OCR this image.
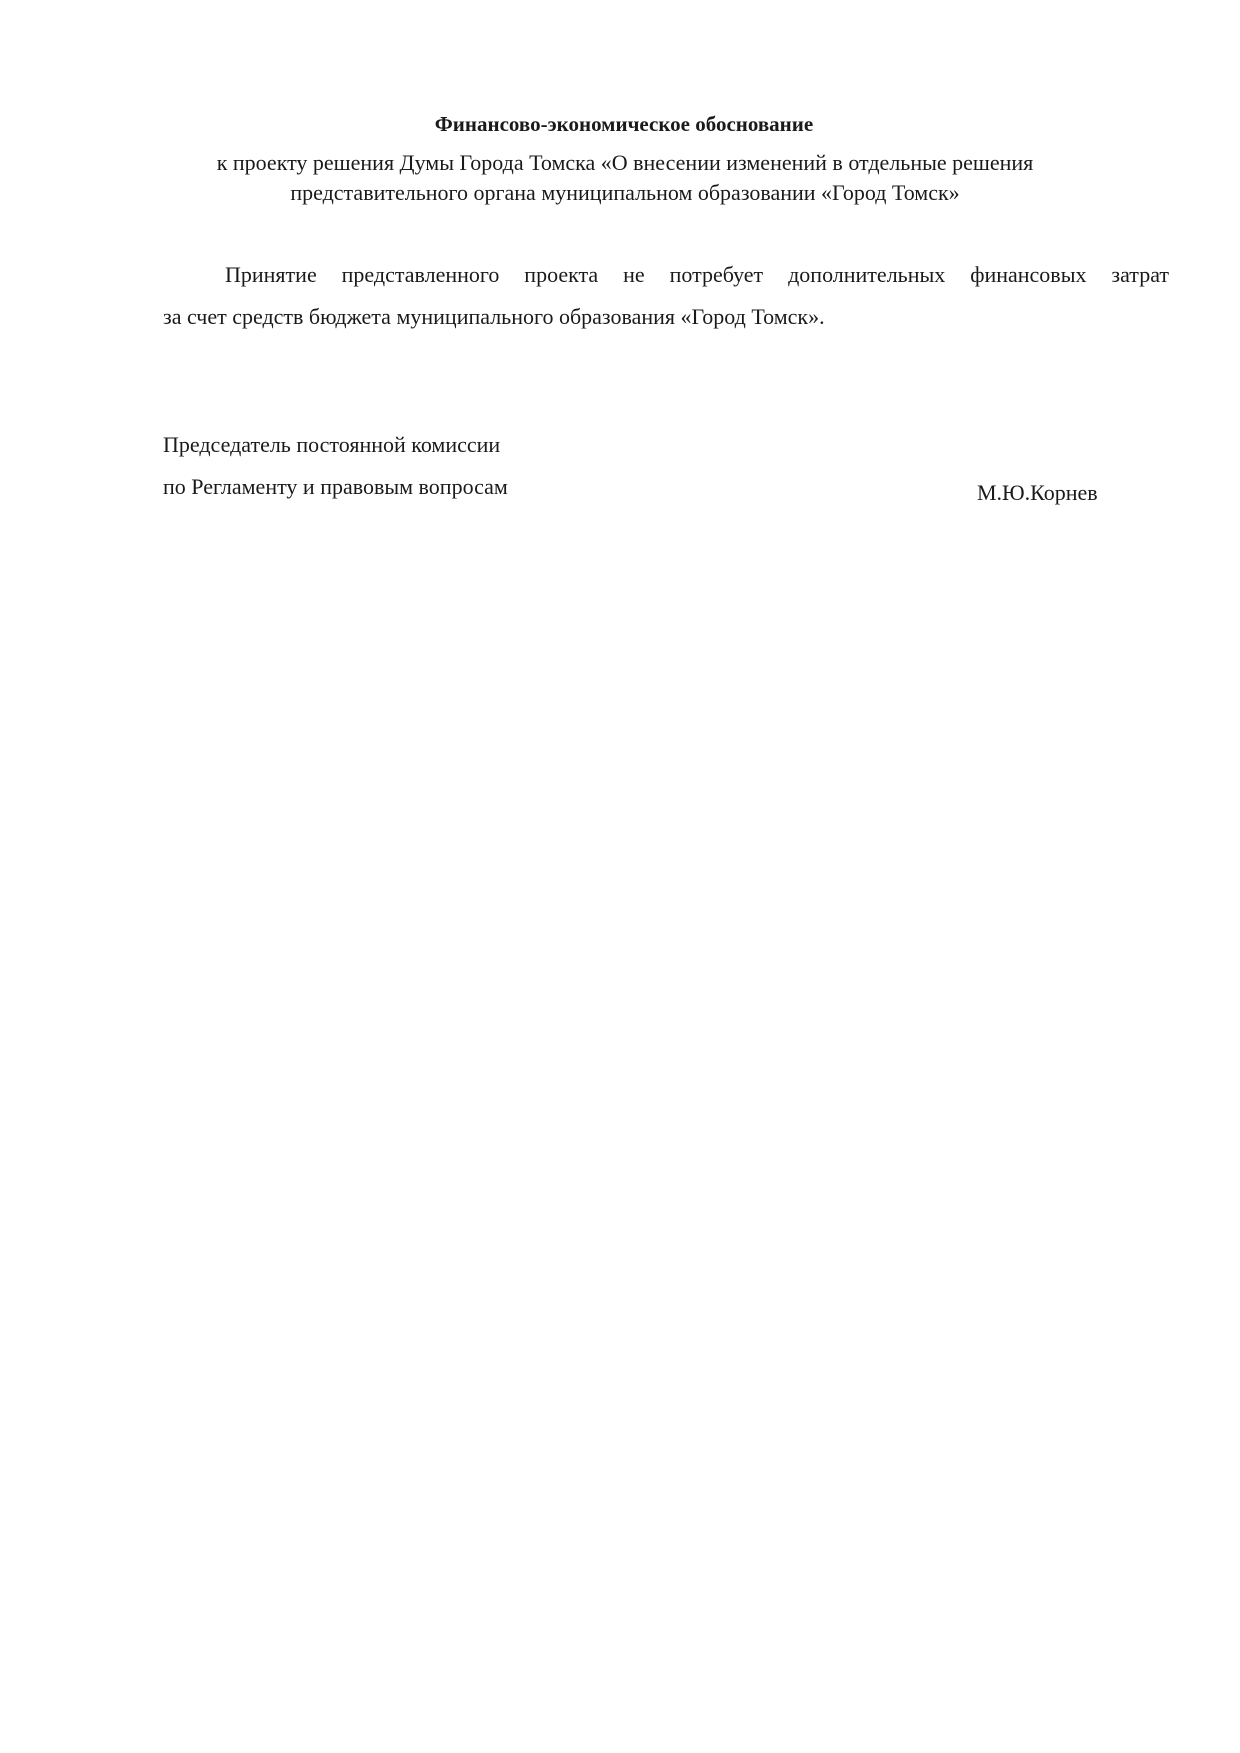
Финансово-экономическое обоснование

к проекту решения Думы Города Томска «О внесении изменений в отдельные решения
представительного органа муниципальном образовании «Город Томск»

Принятие представленного проекта не потребует дополнительных финансовых затрат
за счет средств бюджета муниципального образования «Город Томск».

Председатель постоянной комиссии
по Регламенту и правовым вопросам	М.Ю.Корнев
